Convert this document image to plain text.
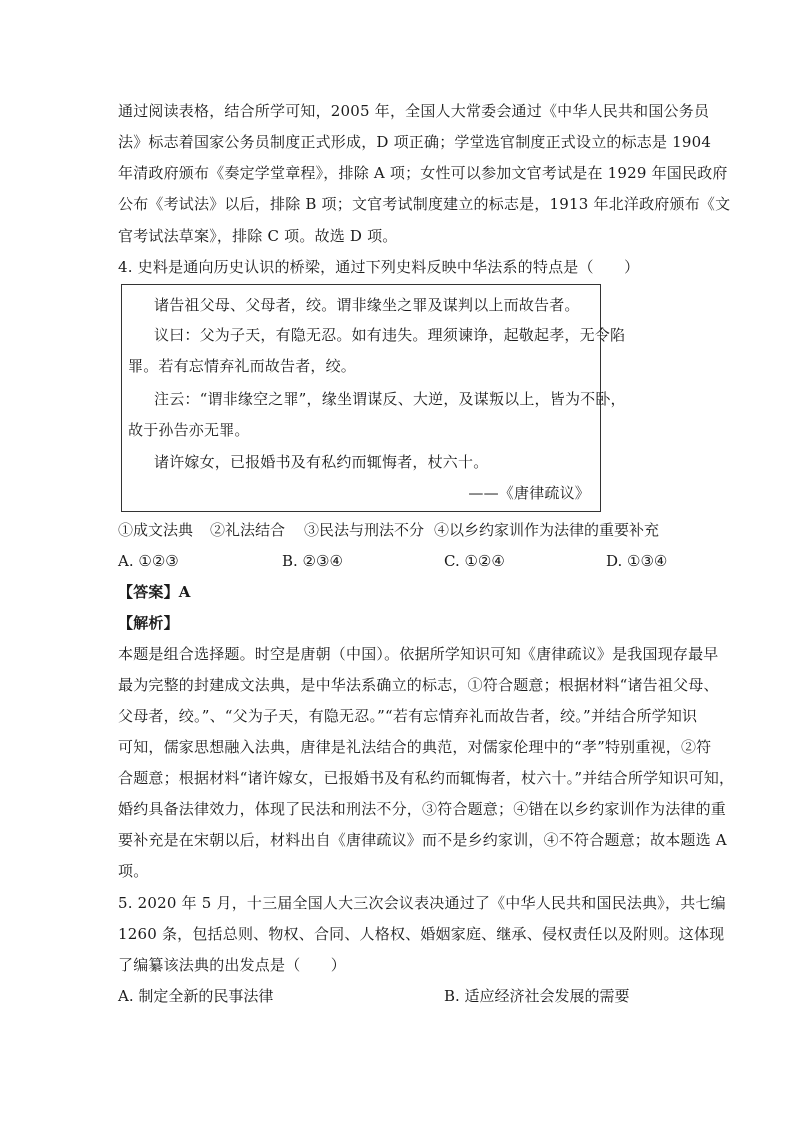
通过阅读表格，结合所学可知，2005 年，全国人大常委会通过《中华人民共和国公务员
法》标志着国家公务员制度正式形成，D 项正确；学堂选官制度正式设立的标志是 1904
年清政府颁布《奏定学堂章程》，排除 A 项；女性可以参加文官考试是在 1929 年国民政府
公布《考试法》以后，排除 B 项；文官考试制度建立的标志是，1913 年北洋政府颁布《文
官考试法草案》，排除 C 项。故选 D 项。
4. 史料是通向历史认识的桥梁，通过下列史料反映中华法系的特点是（　　）
诸告祖父母、父母者，绞。谓非缘坐之罪及谋判以上而故告者。
议曰：父为子天，有隐无忍。如有违失。理须谏诤，起敬起孝，无令陷
罪。若有忘情弃礼而故告者，绞。
注云：“谓非缘空之罪”，缘坐谓谋反、大逆，及谋叛以上，皆为不卧，
故于孙告亦无罪。
诸许嫁女，已报婚书及有私约而辄悔者，杖六十。
——《唐律疏议》
①成文法典 ②礼法结合 ③民法与刑法不分 ④以乡约家训作为法律的重要补充
A. ①②③	B. ②③④	C. ①②④	D. ①③④
【答案】A
【解析】
本题是组合选择题。时空是唐朝（中国）。依据所学知识可知《唐律疏议》是我国现存最早
最为完整的封建成文法典，是中华法系确立的标志，①符合题意；根据材料“诸告祖父母、
父母者，绞。”、“父为子天，有隐无忍。”“若有忘情弃礼而故告者，绞。”并结合所学知识
可知，儒家思想融入法典，唐律是礼法结合的典范，对儒家伦理中的“孝”特别重视，②符
合题意；根据材料“诸许嫁女，已报婚书及有私约而辄悔者，杖六十。”并结合所学知识可知，
婚约具备法律效力，体现了民法和刑法不分，③符合题意；④错在以乡约家训作为法律的重
要补充是在宋朝以后，材料出自《唐律疏议》而不是乡约家训，④不符合题意；故本题选 A
项。
5. 2020 年 5 月，十三届全国人大三次会议表决通过了《中华人民共和国民法典》，共七编
1260 条，包括总则、物权、合同、人格权、婚姻家庭、继承、侵权责任以及附则。这体现
了编纂该法典的出发点是（　　）
A. 制定全新的民事法律	B. 适应经济社会发展的需要
